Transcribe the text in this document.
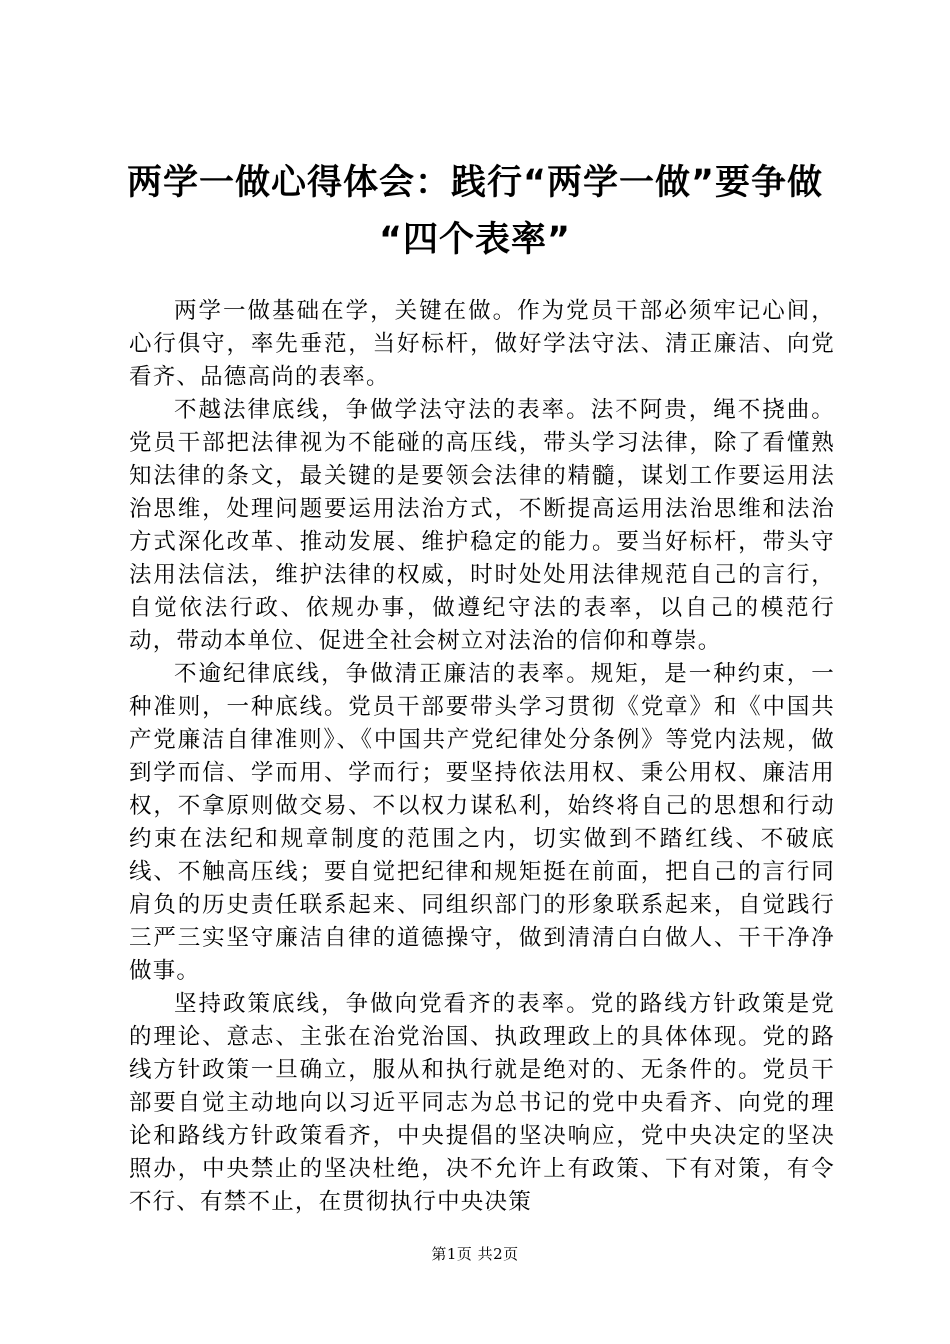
两学一做心得体会：践行“两学一做”要争做
“四个表率”

两学一做基础在学，关键在做。作为党员干部必须牢记心间，心行俱守，率先垂范，当好标杆，做好学法守法、清正廉洁、向党看齐、品德高尚的表率。

不越法律底线，争做学法守法的表率。法不阿贵，绳不挠曲。党员干部把法律视为不能碰的高压线，带头学习法律，除了看懂熟知法律的条文，最关键的是要领会法律的精髓，谋划工作要运用法治思维，处理问题要运用法治方式，不断提高运用法治思维和法治方式深化改革、推动发展、维护稳定的能力。要当好标杆，带头守法用法信法，维护法律的权威，时时处处用法律规范自己的言行，自觉依法行政、依规办事，做遵纪守法的表率，以自己的模范行动，带动本单位、促进全社会树立对法治的信仰和尊崇。

不逾纪律底线，争做清正廉洁的表率。规矩，是一种约束，一种准则，一种底线。党员干部要带头学习贯彻《党章》和《中国共产党廉洁自律准则》、《中国共产党纪律处分条例》等党内法规，做到学而信、学而用、学而行；要坚持依法用权、秉公用权、廉洁用权，不拿原则做交易、不以权力谋私利，始终将自己的思想和行动约束在法纪和规章制度的范围之内，切实做到不踏红线、不破底线、不触高压线；要自觉把纪律和规矩挺在前面，把自己的言行同肩负的历史责任联系起来、同组织部门的形象联系起来，自觉践行三严三实坚守廉洁自律的道德操守，做到清清白白做人、干干净净做事。

坚持政策底线，争做向党看齐的表率。党的路线方针政策是党的理论、意志、主张在治党治国、执政理政上的具体体现。党的路线方针政策一旦确立，服从和执行就是绝对的、无条件的。党员干部要自觉主动地向以习近平同志为总书记的党中央看齐、向党的理论和路线方针政策看齐，中央提倡的坚决响应，党中央决定的坚决照办，中央禁止的坚决杜绝，决不允许上有政策、下有对策，有令不行、有禁不止，在贯彻执行中央决策

第1页 共2页
